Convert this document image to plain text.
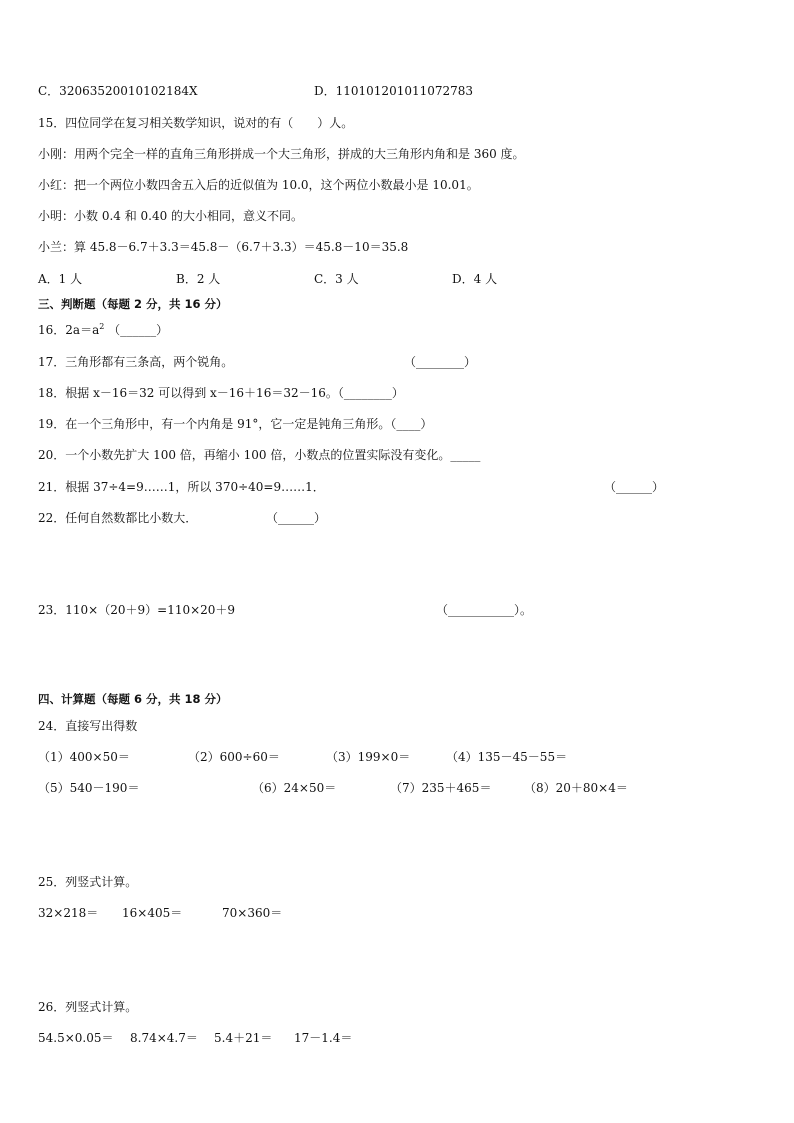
C．32063520010102184X	D．110101201011072783
15．四位同学在复习相关数学知识，说对的有（　　）人。
小刚：用两个完全一样的直角三角形拼成一个大三角形，拼成的大三角形内角和是 360 度。
小红：把一个两位小数四舍五入后的近似值为 10.0，这个两位小数最小是 10.01。
小明：小数 0.4 和 0.40 的大小相同，意义不同。
小兰：算 45.8－6.7＋3.3＝45.8－（6.7＋3.3）＝45.8－10＝35.8
A．1 人	B．2 人	C．3 人	D．4 人
三、判断题（每题 2 分，共 16 分）
16．$2a=a^2$ （______）
17．三角形都有三条高，两个锐角。	（________）
18．根据 x－16＝32 可以得到 x－16＋16＝32－16。（________）
19．在一个三角形中，有一个内角是 91°，它一定是钝角三角形。（____）
20．一个小数先扩大 100 倍，再缩小 100 倍，小数点的位置实际没有变化。_____
21．根据 37÷4=9……1，所以 370÷40=9……1．	（______）
22．任何自然数都比小数大．	（______）
23．110×（20＋9）=110×20＋9	（___________）。
四、计算题（每题 6 分，共 18 分）
24．直接写出得数
（1）400×50＝	（2）600÷60＝	（3）199×0＝	（4）135－45－55＝
（5）540－190＝	（6）24×50＝	（7）235＋465＝	（8）20＋80×4＝
25．列竖式计算。
32×218＝ 16×405＝	70×360＝
26．列竖式计算。
54.5×0.05＝ 8.74×4.7＝ 5.4＋21＝ 17－1.4＝
